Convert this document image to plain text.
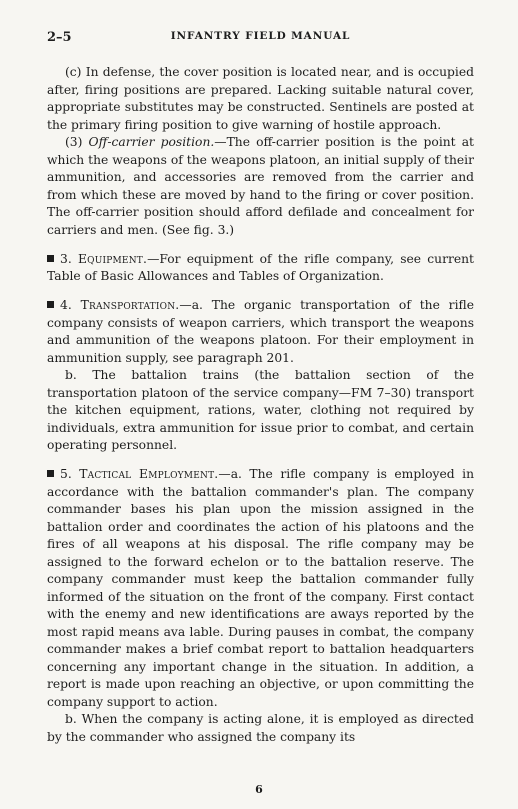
2–5	INFANTRY FIELD MANUAL

(c) In defense, the cover position is located near, and is occupied after, firing positions are prepared. Lacking suitable natural cover, appropriate substitutes may be constructed. Sentinels are posted at the primary firing position to give warning of hostile approach.

(3) Off-carrier position.—The off-carrier position is the point at which the weapons of the weapons platoon, an initial supply of their ammunition, and accessories are removed from the carrier and from which these are moved by hand to the firing or cover position. The off-carrier position should afford defilade and concealment for carriers and men. (See fig. 3.)

3. Equipment.—For equipment of the rifle company, see current Table of Basic Allowances and Tables of Organization.

4. Transportation.—a. The organic transportation of the rifle company consists of weapon carriers, which transport the weapons and ammunition of the weapons platoon. For their employment in ammunition supply, see paragraph 201.

b. The battalion trains (the battalion section of the transportation platoon of the service company—FM 7–30) transport the kitchen equipment, rations, water, clothing not required by individuals, extra ammunition for issue prior to combat, and certain operating personnel.

5. Tactical Employment.—a. The rifle company is employed in accordance with the battalion commander's plan. The company commander bases his plan upon the mission assigned in the battalion order and coordinates the action of his platoons and the fires of all weapons at his disposal. The rifle company may be assigned to the forward echelon or to the battalion reserve. The company commander must keep the battalion commander fully informed of the situation on the front of the company. First contact with the enemy and new identifications are aways reported by the most rapid means ava lable. During pauses in combat, the company commander makes a brief combat report to battalion headquarters concerning any important change in the situation. In addition, a report is made upon reaching an objective, or upon committing the company support to action.

b. When the company is acting alone, it is employed as directed by the commander who assigned the company its

6
